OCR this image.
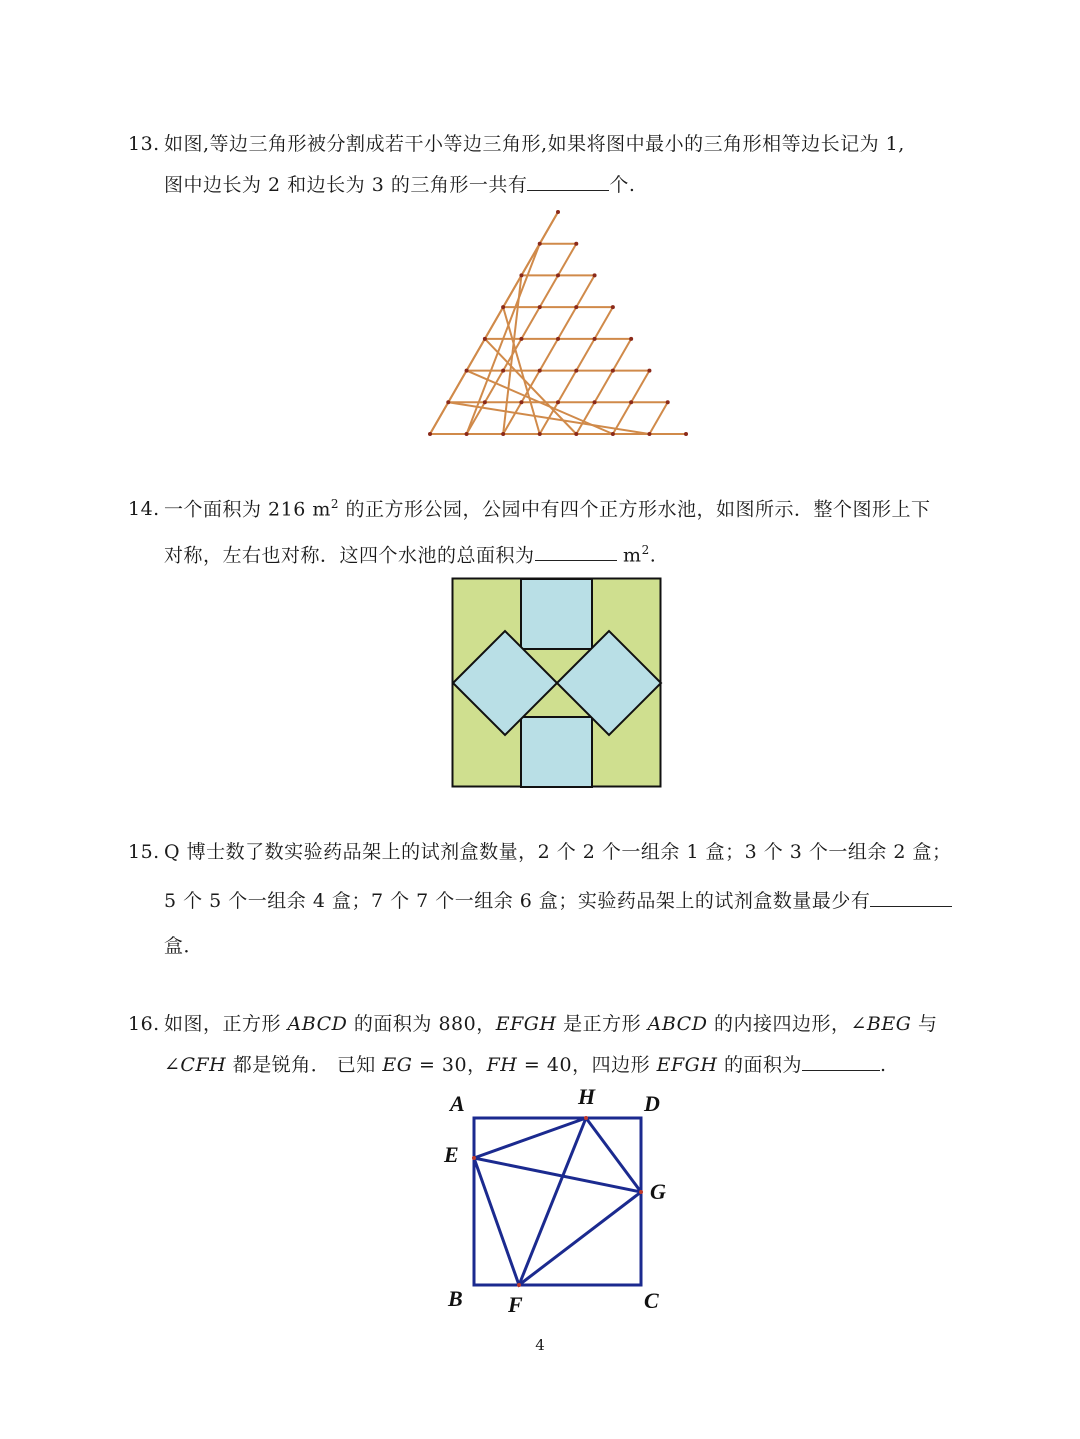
13. 如图,等边三角形被分割成若干小等边三角形,如果将图中最小的三角形相等边长记为 1,
图中边长为 2 和边长为 3 的三角形一共有	个.
14. 一个面积为 216 $m^2$ 的正方形公园，公园中有四个正方形水池，如图所示．整个图形上下
对称，左右也对称．这四个水池的总面积为	$m^2$.
15. Q 博士数了数实验药品架上的试剂盒数量，2 个 2 个一组余 1 盒；3 个 3 个一组余 2 盒；
5 个 5 个一组余 4 盒；7 个 7 个一组余 6 盒；实验药品架上的试剂盒数量最少有
盒．
16. 如图，正方形 ABCD 的面积为 880，EFGH 是正方形 ABCD 的内接四边形，∠BEG 与
∠CFH 都是锐角． 已知 EG = 30，FH = 40，四边形 EFGH 的面积为	.
A	H D
E
G
B F	C
4
